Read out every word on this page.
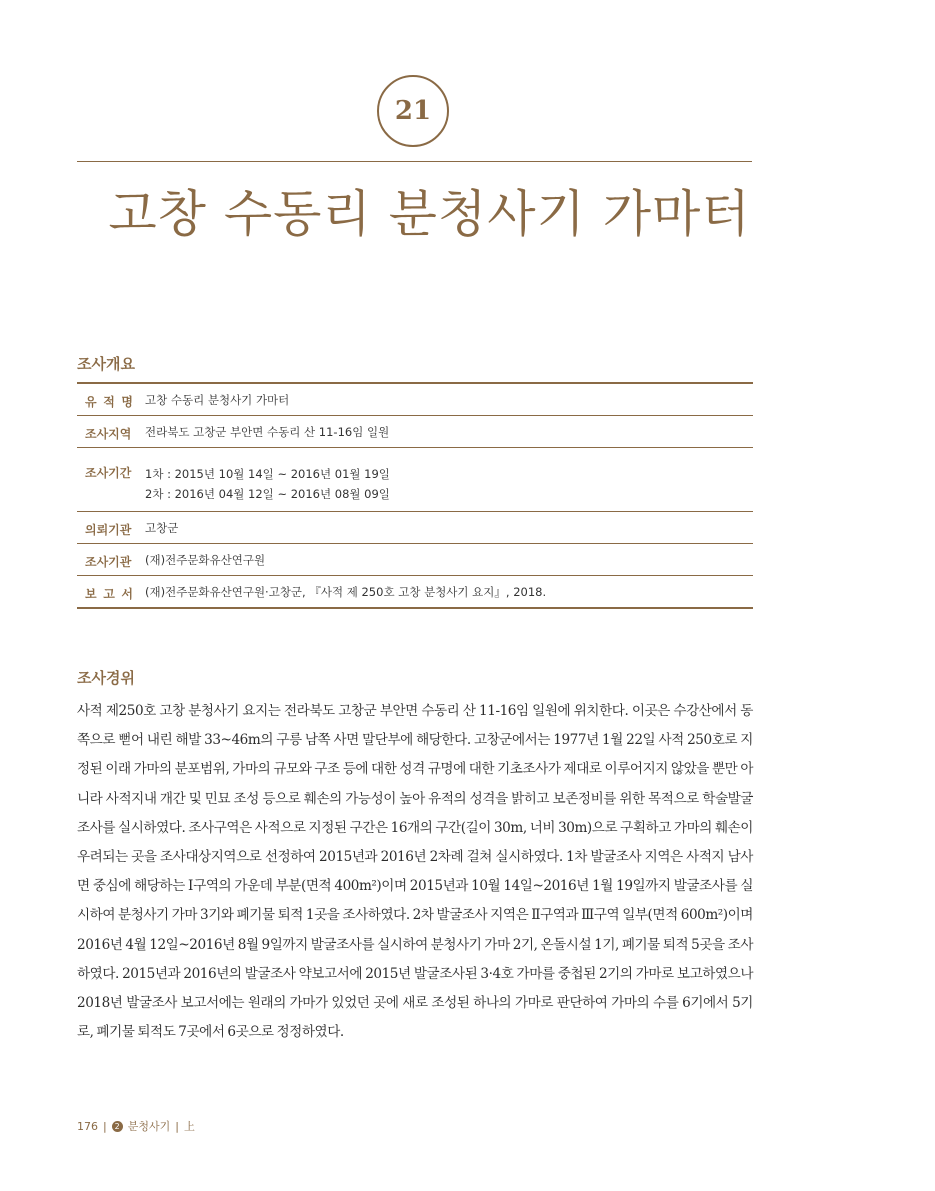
21
고창 수동리 분청사기 가마터
조사개요
유 적 명 고창 수동리 분청사기 가마터
조사지역 전라북도 고창군 부안면 수동리 산 11-16임 일원
조사기간 1차 : 2015년 10월 14일 ~ 2016년 01월 19일
2차 : 2016년 04월 12일 ~ 2016년 08월 09일
의뢰기관 고창군
조사기관 (재)전주문화유산연구원
보 고 서 (재)전주문화유산연구원·고창군, 『사적 제 250호 고창 분청사기 요지』, 2018.
조사경위
사적 제250호 고창 분청사기 요지는 전라북도 고창군 부안면 수동리 산 11-16임 일원에 위치한다. 이곳은 수강산에서 동쪽으로 뻗어 내린 해발 33~46m의 구릉 남쪽 사면 말단부에 해당한다. 고창군에서는 1977년 1월 22일 사적 250호로 지정된 이래 가마의 분포범위, 가마의 규모와 구조 등에 대한 성격 규명에 대한 기초조사가 제대로 이루어지지 않았을 뿐만 아니라 사적지내 개간 및 민묘 조성 등으로 훼손의 가능성이 높아 유적의 성격을 밝히고 보존정비를 위한 목적으로 학술발굴조사를 실시하였다. 조사구역은 사적으로 지정된 구간은 16개의 구간(길이 30m, 너비 30m)으로 구획하고 가마의 훼손이 우려되는 곳을 조사대상지역으로 선정하여 2015년과 2016년 2차례 걸쳐 실시하였다. 1차 발굴조사 지역은 사적지 남사면 중심에 해당하는 Ⅰ구역의 가운데 부분(면적 400m²)이며 2015년과 10월 14일~2016년 1월 19일까지 발굴조사를 실시하여 분청사기 가마 3기와 폐기물 퇴적 1곳을 조사하였다. 2차 발굴조사 지역은 Ⅱ구역과 Ⅲ구역 일부(면적 600m²)이며 2016년 4월 12일~2016년 8월 9일까지 발굴조사를 실시하여 분청사기 가마 2기, 온돌시설 1기, 폐기물 퇴적 5곳을 조사하였다. 2015년과 2016년의 발굴조사 약보고서에 2015년 발굴조사된 3·4호 가마를 중첩된 2기의 가마로 보고하였으나 2018년 발굴조사 보고서에는 원래의 가마가 있었던 곳에 새로 조성된 하나의 가마로 판단하여 가마의 수를 6기에서 5기로, 폐기물 퇴적도 7곳에서 6곳으로 정정하였다.
176 | 2 분청사기 | 上
